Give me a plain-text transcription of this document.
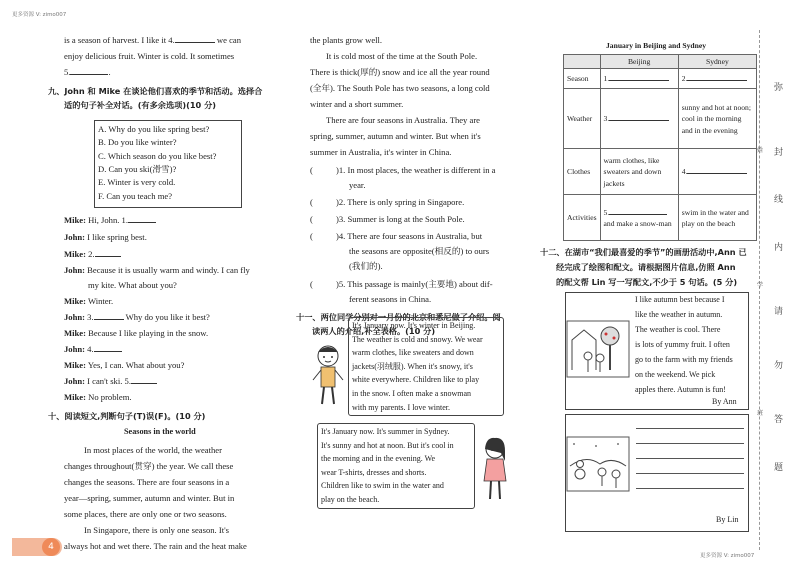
更多资源 V: zimo007
更多资源 V: zimo007
is a season of harvest. I like it 4.	we can
enjoy delicious fruit. Winter is cold. It sometimes
5.	.
九、John 和 Mike 在谈论他们喜欢的季节和活动。选择合
适的句子补全对话。(有多余选项)(10 分)
A. Why do you like spring best?
B. Do you like winter?
C. Which season do you like best?
D. Can you ski(滑雪)?
E. Winter is very cold.
F. Can you teach me?
Mike: Hi, John. 1.
John: I like spring best.
Mike: 2.
John: Because it is usually warm and windy. I can fly
my kite. What about you?
Mike: Winter.
John: 3.	Why do you like it best?
Mike: Because I like playing in the snow.
John: 4.
Mike: Yes, I can. What about you?
John: I can't ski. 5.
Mike: No problem.
十、阅读短文,判断句子(T)误(F)。(10 分)
Seasons in the world
In most places of the world, the weather
changes throughout(贯穿) the year. We call these
changes the seasons. There are four seasons in a
year—spring, summer, autumn and winter. But in
some places, there are only one or two seasons.
In Singapore, there is only one season. It's
always hot and wet there. The rain and the heat make
4
the plants grow well.
It is cold most of the time at the South Pole.
There is thick(厚的) snow and ice all the year round
(全年). The South Pole has two seasons, a long cold
winter and a short summer.
There are four seasons in Australia. They are
spring, summer, autumn and winter. But when it's
summer in Australia, it's winter in China.
(	)1. In most places, the weather is different in a
year.
(	)2. There is only spring in Singapore.
(	)3. Summer is long at the South Pole.
(	)4. There are four seasons in Australia, but
the seasons are opposite(相反的) to ours
(我们的).
(	)5. This passage is mainly(主要地) about dif-
ferent seasons in China.
十一、两位同学分别对一月份的北京和悉尼做了介绍。阅
读两人的介绍,补全表格。(10 分)
It's January now. It's winter in Beijing.
The weather is cold and snowy. We wear
warm clothes, like sweaters and down
jackets(羽绒服). When it's snowy, it's
white everywhere. Children like to play
in the snow. I often make a snowman
with my parents. I love winter.
It's January now. It's summer in Sydney.
It's sunny and hot at noon. But it's cool in
the morning and in the evening. We
wear T-shirts, dresses and shorts.
Children like to swim in the water and
play on the beach.
January in Beijing and Sydney
	Beijing	Sydney
Season	1.	2.
Weather	3.	sunny and hot at noon; cool in the morning and in the evening
Clothes	warm clothes, like sweaters and down jackets	4.
Activities	5.
and make a snow-man	swim in the water and play on the beach
十二、在湖市“我们最喜爱的季节”的画册活动中,Ann 已
经完成了绘图和配文。请根据图片信息,仿照 Ann
的配文帮 Lin 写一写配文,不少于 5 句话。(5 分)
I like autumn best because I
like the weather in autumn.
The weather is cool. There
is lots of yummy fruit. I often
go to the farm with my friends
on the weekend. We pick
apples there. Autumn is fun!
By Ann
By Lin
弥
封
线
内
请
勿
答
题
姓
学
班
